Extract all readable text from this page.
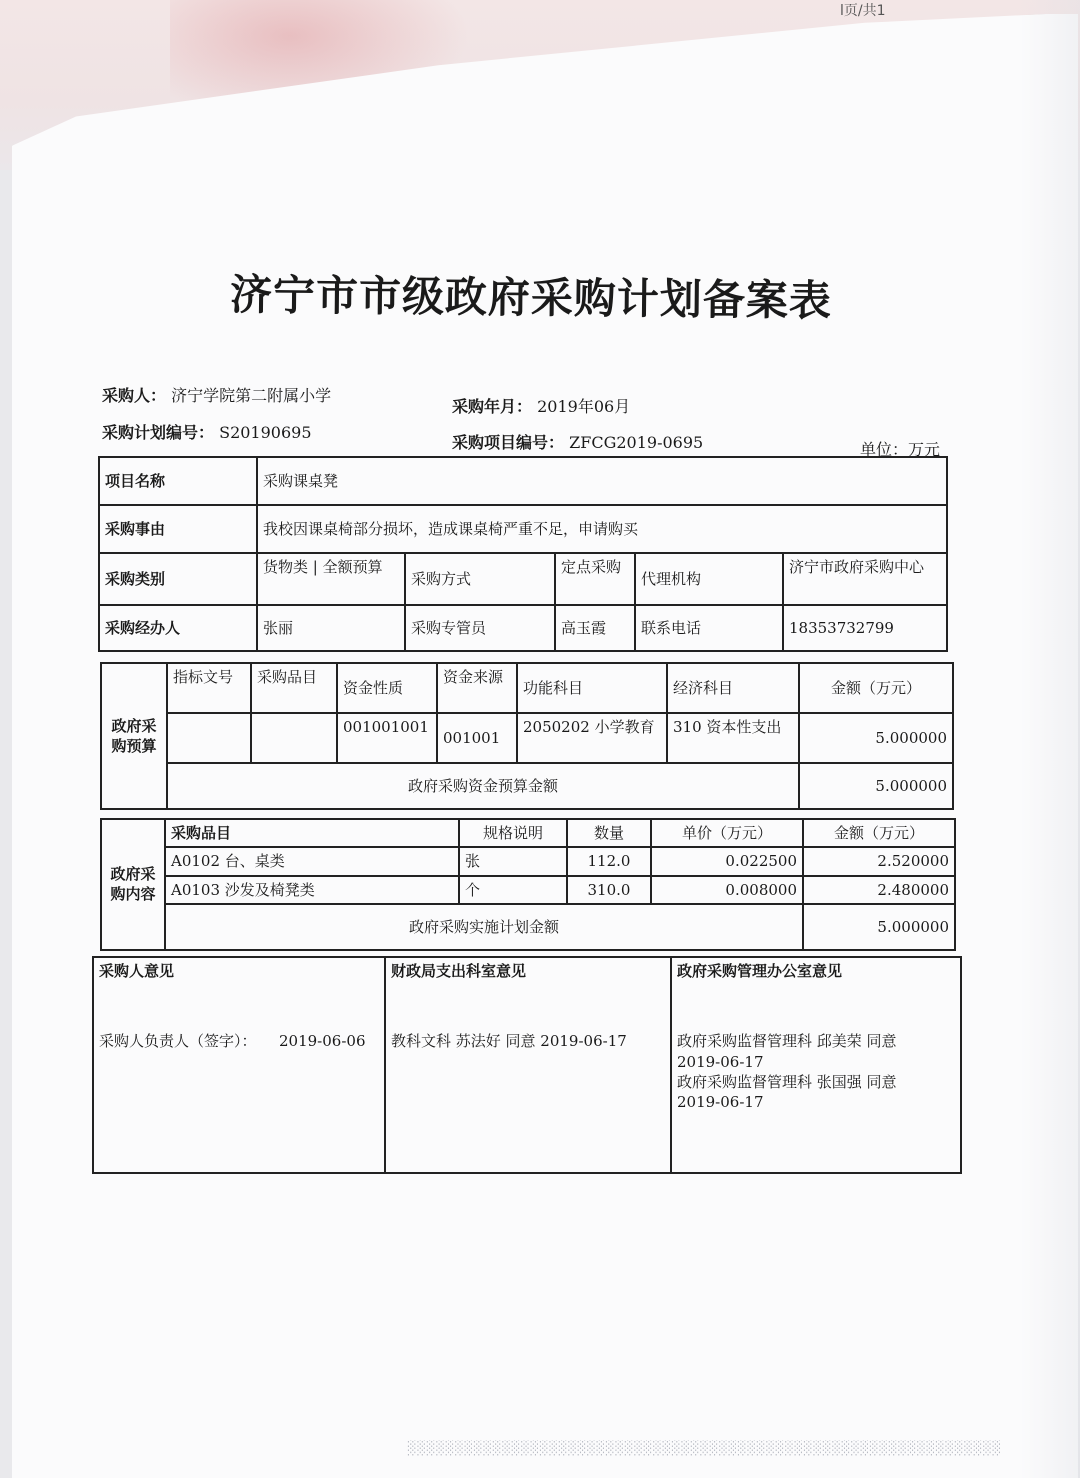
l页/共1
济宁市市级政府采购计划备案表
采购人： 济宁学院第二附属小学
采购年月： 2019年06月
采购计划编号： S20190695
采购项目编号： ZFCG2019-0695	单位：万元
项目名称	采购课桌凳				
采购事由	我校因课桌椅部分损坏，造成课桌椅严重不足，申请购买				
采购类别	货物类 | 全额预算	采购方式	定点采购	代理机构	济宁市政府采购中心
采购经办人	张丽	采购专管员	高玉霞	联系电话	18353732799
政府采购预算	指标文号	采购品目	资金性质	资金来源	功能科目	经济科目	金额（万元）
			001001001	001001	2050202 小学教育	310 资本性支出	5.000000
	政府采购资金预算金额						5.000000
政府采购内容	采购品目	规格说明	数量	单价（万元）	金额（万元）
	A0102 台、桌类	张	112.0	0.022500	2.520000
	A0103 沙发及椅凳类	个	310.0	0.008000	2.480000
	政府采购实施计划金额				5.000000
采购人意见
采购人负责人（签字）：　　2019-06-06

财政局支出科室意见
教科文科 苏法好 同意 2019-06-17

政府采购管理办公室意见
政府采购监督管理科 邱美荣 同意
2019-06-17
政府采购监督管理科 张国强 同意
2019-06-17
░░░░░░░░░░░░░░░░░░░░░░░░░░░░░░░░░░░░░░░░░░░░░░░░░░░░░░░░░░░░░░░
